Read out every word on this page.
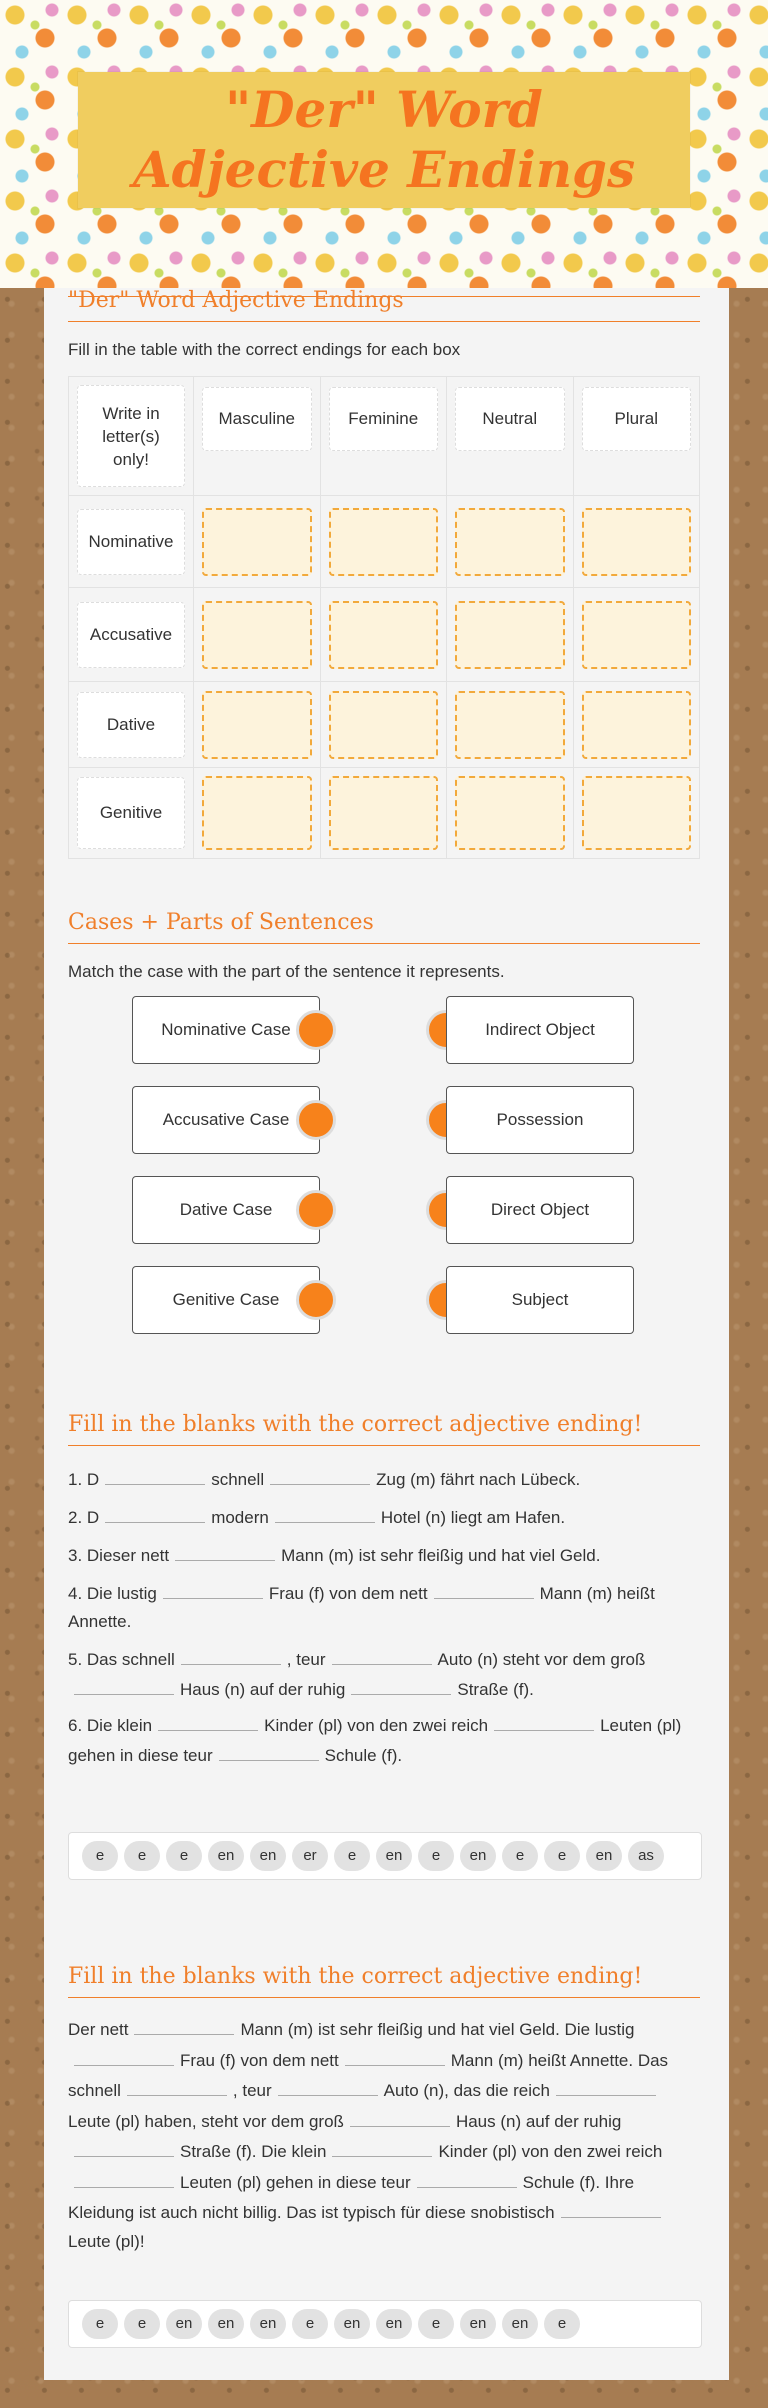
"Der" Word Adjective Endings
"Der" Word Adjective Endings
Fill in the table with the correct endings for each box
Write in letter(s) only!	Masculine	Feminine	Neutral	Plural

Nominative				

Accusative				

Dative				

Genitive				

Cases + Parts of Sentences
Match the case with the part of the sentence it represents.
Nominative Case	Indirect Object
Accusative Case	Possession
Dative Case	Direct Object
Genitive Case	Subject
Fill in the blanks with the correct adjective ending!
1. D	schnell	Zug (m) fährt nach Lübeck.
2. D	modern	Hotel (n) liegt am Hafen.
3. Dieser nett	Mann (m) ist sehr fleißig und hat viel Geld.
4. Die lustig	Frau (f) von dem nett	Mann (m) heißt Annette.
5. Das schnell	, teur	Auto (n) steht vor dem großHaus (n) auf der ruhig	Straße (f).
6. Die klein	Kinder (pl) von den zwei reich	Leuten (pl) gehen in diese teur	Schule (f).
e e e en en er e en e en e e en as
Fill in the blanks with the correct adjective ending!
Der nett	Mann (m) ist sehr fleißig und hat viel Geld. Die lustigFrau (f) von dem nett	Mann (m) heißt Annette. Das schnell	, teur	Auto (n), das die reichLeute (pl) haben, steht vor dem groß	Haus (n) auf der ruhigStraße (f). Die klein	Kinder (pl) von den zwei reichLeuten (pl) gehen in diese teur	Schule (f). Ihre Kleidung ist auch nicht billig. Das ist typisch für diese snobistischLeute (pl)!
e e en en en e en en e en en e
